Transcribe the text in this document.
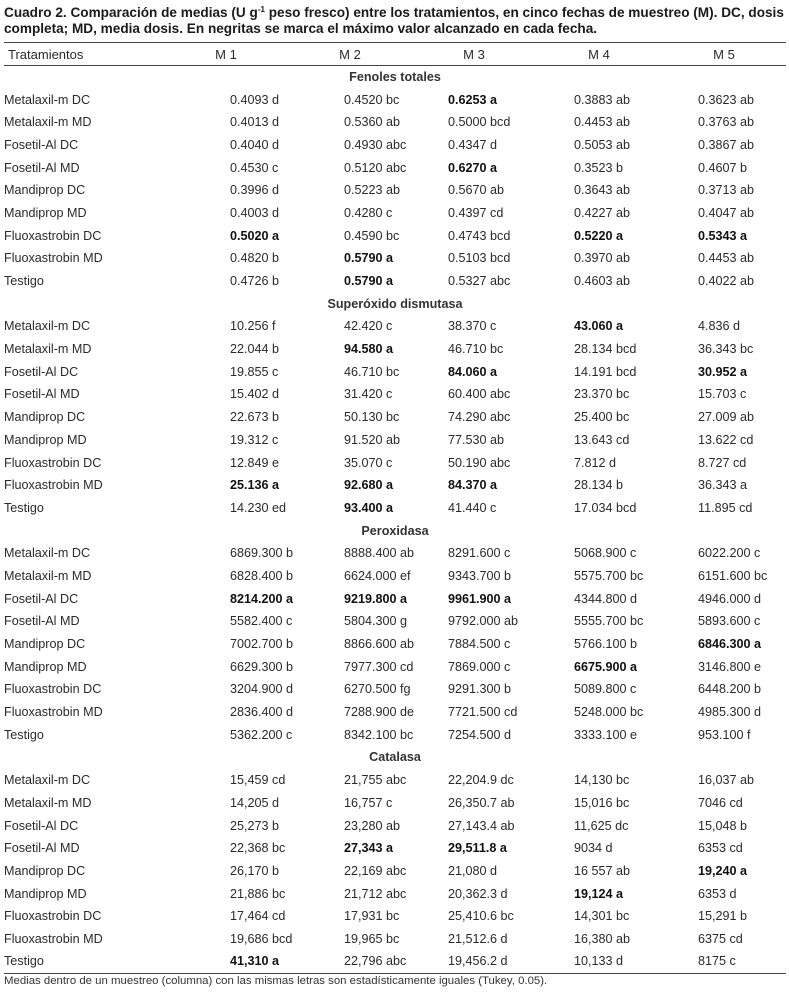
Cuadro 2. Comparación de medias (U $g^{-1}$ peso fresco) entre los tratamientos, en cinco fechas de muestreo (M). DC, dosis completa; MD, media dosis. En negritas se marca el máximo valor alcanzado en cada fecha.
Tratamientos	M 1	M 2	M 3	M 4	M 5
Fenoles totales					
Metalaxil-m DC	0.4093 d	0.4520 bc	0.6253 a	0.3883 ab	0.3623 ab
Metalaxil-m MD	0.4013 d	0.5360 ab	0.5000 bcd	0.4453 ab	0.3763 ab
Fosetil-Al DC	0.4040 d	0.4930 abc	0.4347 d	0.5053 ab	0.3867 ab
Fosetil-Al MD	0.4530 c	0.5120 abc	0.6270 a	0.3523 b	0.4607 b
Mandiprop DC	0.3996 d	0.5223 ab	0.5670 ab	0.3643 ab	0.3713 ab
Mandiprop MD	0.4003 d	0.4280 c	0.4397 cd	0.4227 ab	0.4047 ab
Fluoxastrobin DC	0.5020 a	0.4590 bc	0.4743 bcd	0.5220 a	0.5343 a
Fluoxastrobin MD	0.4820 b	0.5790 a	0.5103 bcd	0.3970 ab	0.4453 ab
Testigo	0.4726 b	0.5790 a	0.5327 abc	0.4603 ab	0.4022 ab
Superóxido dismutasa					
Metalaxil-m DC	10.256 f	42.420 c	38.370 c	43.060 a	4.836 d
Metalaxil-m MD	22.044 b	94.580 a	46.710 bc	28.134 bcd	36.343 bc
Fosetil-Al DC	19.855 c	46.710 bc	84.060 a	14.191 bcd	30.952 a
Fosetil-Al MD	15.402 d	31.420 c	60.400 abc	23.370 bc	15.703 c
Mandiprop DC	22.673 b	50.130 bc	74.290 abc	25.400 bc	27.009 ab
Mandiprop MD	19.312 c	91.520 ab	77.530 ab	13.643 cd	13.622 cd
Fluoxastrobin DC	12.849 e	35.070 c	50.190 abc	7.812 d	8.727 cd
Fluoxastrobin MD	25.136 a	92.680 a	84.370 a	28.134 b	36.343 a
Testigo	14.230 ed	93.400 a	41.440 c	17.034 bcd	11.895 cd
Peroxidasa					
Metalaxil-m DC	6869.300 b	8888.400 ab	8291.600 c	5068.900 c	6022.200 c
Metalaxil-m MD	6828.400 b	6624.000 ef	9343.700 b	5575.700 bc	6151.600 bc
Fosetil-Al DC	8214.200 a	9219.800 a	9961.900 a	4344.800 d	4946.000 d
Fosetil-Al MD	5582.400 c	5804.300 g	9792.000 ab	5555.700 bc	5893.600 c
Mandiprop DC	7002.700 b	8866.600 ab	7884.500 c	5766.100 b	6846.300 a
Mandiprop MD	6629.300 b	7977.300 cd	7869.000 c	6675.900 a	3146.800 e
Fluoxastrobin DC	3204.900 d	6270.500 fg	9291.300 b	5089.800 c	6448.200 b
Fluoxastrobin MD	2836.400 d	7288.900 de	7721.500 cd	5248.000 bc	4985.300 d
Testigo	5362.200 c	8342.100 bc	7254.500 d	3333.100 e	953.100 f
Catalasa					
Metalaxil-m DC	15,459 cd	21,755 abc	22,204.9 dc	14,130 bc	16,037 ab
Metalaxil-m MD	14,205 d	16,757 c	26,350.7 ab	15,016 bc	7046 cd
Fosetil-Al DC	25,273 b	23,280 ab	27,143.4 ab	11,625 dc	15,048 b
Fosetil-Al MD	22,368 bc	27,343 a	29,511.8 a	9034 d	6353 cd
Mandiprop DC	26,170 b	22,169 abc	21,080 d	16 557 ab	19,240 a
Mandiprop MD	21,886 bc	21,712 abc	20,362.3 d	19,124 a	6353 d
Fluoxastrobin DC	17,464 cd	17,931 bc	25,410.6 bc	14,301 bc	15,291 b
Fluoxastrobin MD	19,686 bcd	19,965 bc	21,512.6 d	16,380 ab	6375 cd
Testigo	41,310 a	22,796 abc	19,456.2 d	10,133 d	8175 c
Medias dentro de un muestreo (columna) con las mismas letras son estadísticamente iguales (Tukey, 0.05).
